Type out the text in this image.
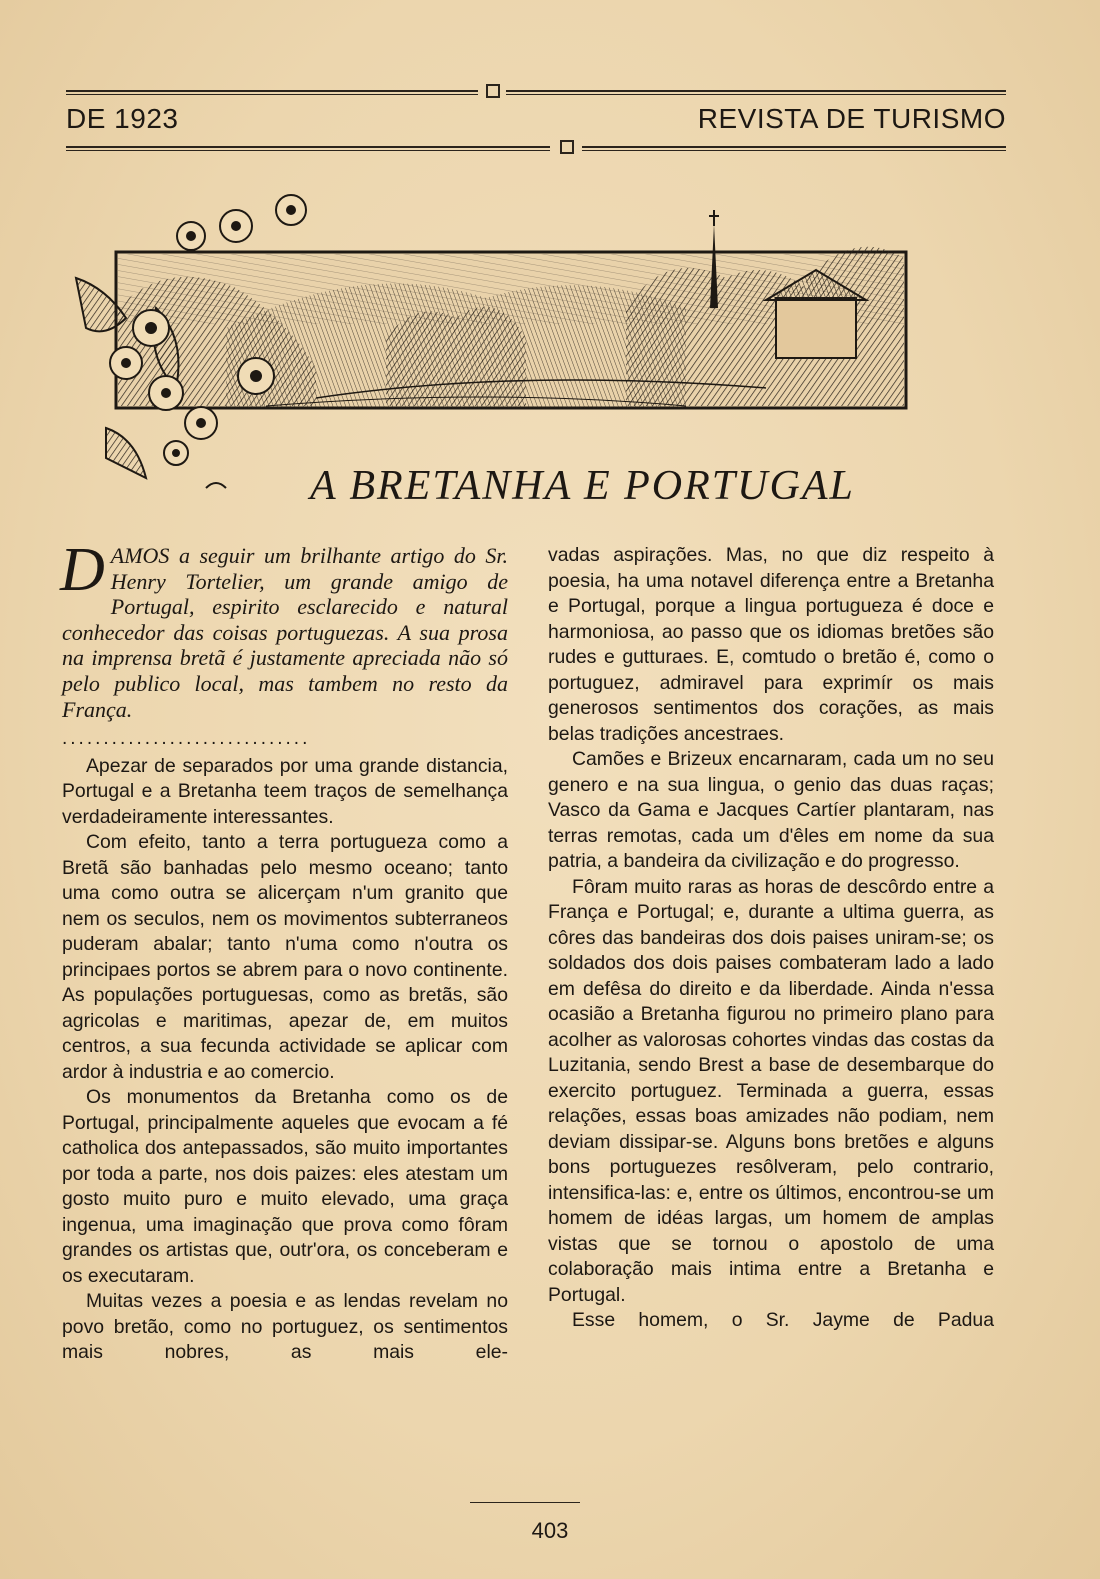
DE 1923	REVISTA DE TURISMO
A BRETANHA E PORTUGAL

DAMOS a seguir um brilhante artigo do Sr. Henry Tortelier, um grande amigo de Portugal, espirito esclarecido e natural conhecedor das coisas portuguezas. A sua prosa na imprensa bretã é justamente apreciada não só pelo publico local, mas tambem no resto da França.

..............................

Apezar de separados por uma grande distancia, Portugal e a Bretanha teem traços de semelhança verdadeiramente interessantes.

Com efeito, tanto a terra portugueza como a Bretã são banhadas pelo mesmo oceano; tanto uma como outra se alicerçam n'um granito que nem os seculos, nem os movimentos subterraneos puderam abalar; tanto n'uma como n'outra os principaes portos se abrem para o novo continente. As populações portuguesas, como as bretãs, são agricolas e maritimas, apezar de, em muitos centros, a sua fecunda actividade se aplicar com ardor à industria e ao comercio.

Os monumentos da Bretanha como os de Portugal, principalmente aqueles que evocam a fé catholica dos antepassados, são muito importantes por toda a parte, nos dois paizes: eles atestam um gosto muito puro e muito elevado, uma graça ingenua, uma imaginação que prova como fôram grandes os artistas que, outr'ora, os conceberam e os executaram.

Muitas vezes a poesia e as lendas revelam no povo bretão, como no portuguez, os sentimentos mais nobres, as mais ele-

vadas aspirações. Mas, no que diz respeito à poesia, ha uma notavel diferença entre a Bretanha e Portugal, porque a lingua portugueza é doce e harmoniosa, ao passo que os idiomas bretões são rudes e gutturaes. E, comtudo o bretão é, como o portuguez, admiravel para exprimír os mais generosos sentimentos dos corações, as mais belas tradições ancestraes.

Camões e Brizeux encarnaram, cada um no seu genero e na sua lingua, o genio das duas raças; Vasco da Gama e Jacques Cartíer plantaram, nas terras remotas, cada um d'êles em nome da sua patria, a bandeira da civilização e do progresso.

Fôram muito raras as horas de descôrdo entre a França e Portugal; e, durante a ultima guerra, as côres das bandeiras dos dois paises uniram-se; os soldados dos dois paises combateram lado a lado em defêsa do direito e da liberdade. Ainda n'essa ocasião a Bretanha figurou no primeiro plano para acolher as valorosas cohortes vindas das costas da Luzitania, sendo Brest a base de desembarque do exercito portuguez. Terminada a guerra, essas relações, essas boas amizades não podiam, nem deviam dissipar-se. Alguns bons bretões e alguns bons portuguezes resôlveram, pelo contrario, intensifica-las: e, entre os últimos, encontrou-se um homem de idéas largas, um homem de amplas vistas que se tornou o apostolo de uma colaboração mais intima entre a Bretanha e Portugal.

Esse homem, o Sr. Jayme de Padua

403
